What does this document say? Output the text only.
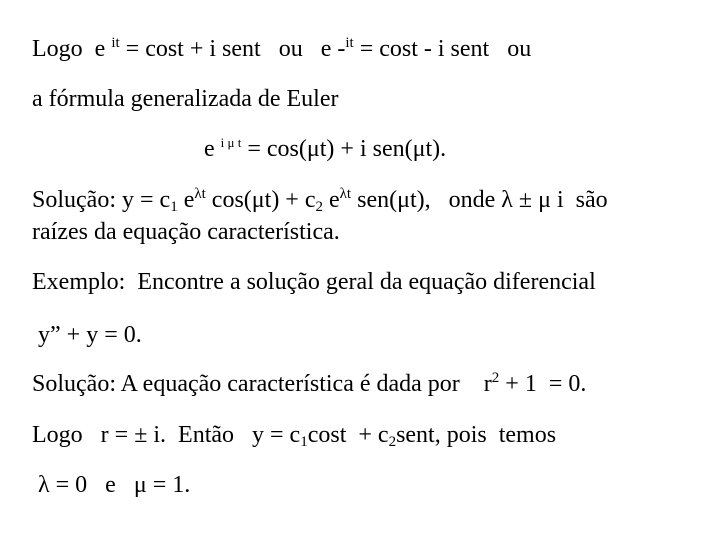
Logo  e $^{it}$ = cost + i sent   ou   e -$^{it}$ = cost - i sent   ou

a fórmula generalizada de Euler

e $^{i \mu t}$ = cos(μt) + i sen(μt).

Solução: $y = c_1$ $e^{\lambda t}$ $\cos(\mu t) + c_2$ $e^{\lambda t}$ sen(μt),   onde λ ± μ i  são

raízes da equação característica.

Exemplo:  Encontre a solução geral da equação diferencial

y” + y = 0.

Solução: A equação característica é dada por    $r^2 + 1 = 0$.

Logo   r = ± i.  Então   $y = c_1\cos t$  + $c_2sent$, pois  temos

λ = 0   e   μ = 1.
